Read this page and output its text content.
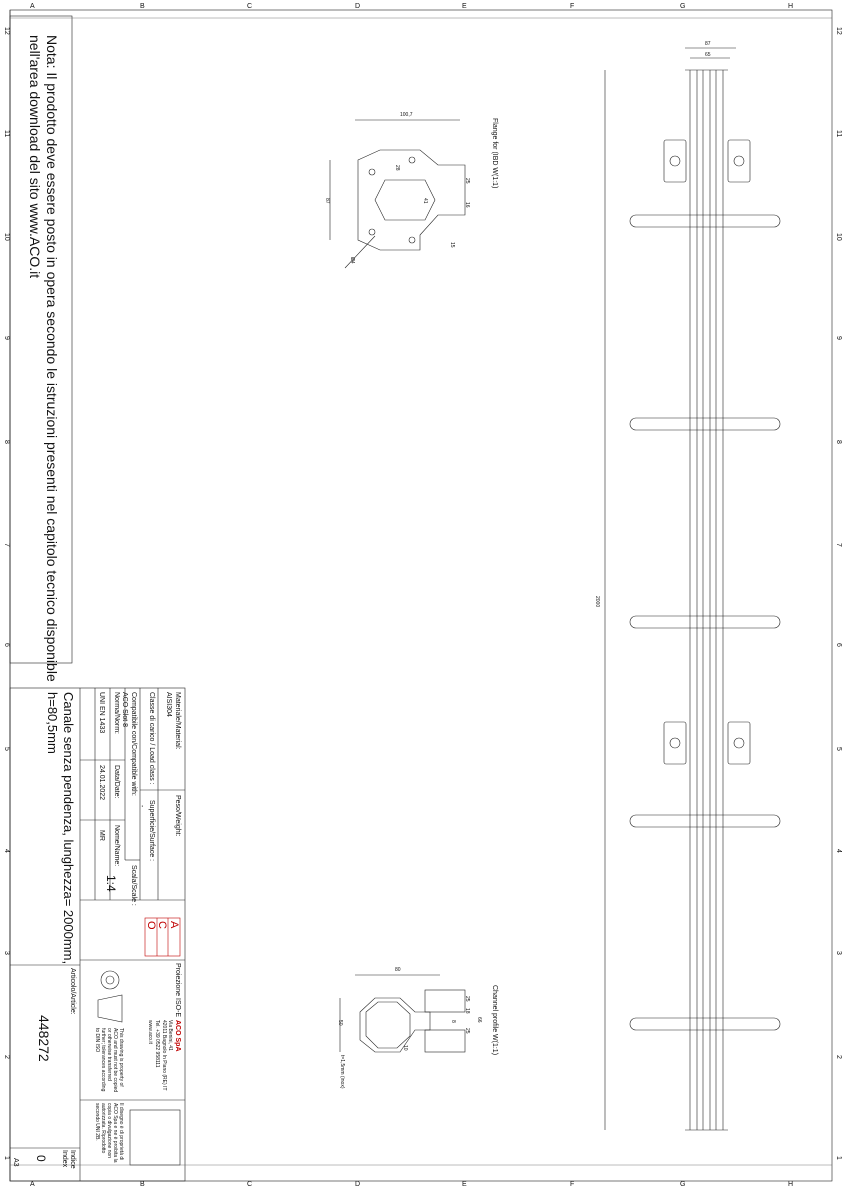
A	B	C	D	E	F	G	H
A	B	C	D	E	F	G	H
12
11
10
9
8
7
6
5
4
3
2
1
12
11
10
9
8
7
6
5
4
3
2
1
Nota: Il prodotto deve essere posto in opera secondo le istruzioni presenti nel capitolo tecnico disponible
nell'area download del sito www.ACO.it
Materiale/Material:
AISI304
Peso/Weight:
Classe di carico / Load class :
- Superficie/Surface :
Compatibile con/Compatible with:
ACO Slot 8
Norma/Norm:
UNI EN 1433
Data/Date:
24.01.2022
Nome/Name:
MR
Scala/Scale :
1:4
Proiezione ISO-E
ACO SpA
Via Benini, 41
42011 Bagnolo In Piano (RE) IT
Tel. +39 0522 958111
www.aco.it
A
C
O
Canale senza pendenza, lunghezza= 2000mm,
h=80,5mm
Articolo/Article:
448272
Indice
Index
0
A3
This drawing is property of ACO and must not be copied or otherwise transferred further; tolerances according to DIN ISO
Il disegno è di proprietà di ACO Spa e ne è proibita la copia o divulgazione non autorizzata. Riprodotto secondo UNI 2B.
Flange for (IBD W(1:1)
Channel profile W(1:1)
t=1,5mm (inox)
100,7
87
28
41
25
16
15
Ø4
80
25
18
8	66
50
25
10
2000
87
65
